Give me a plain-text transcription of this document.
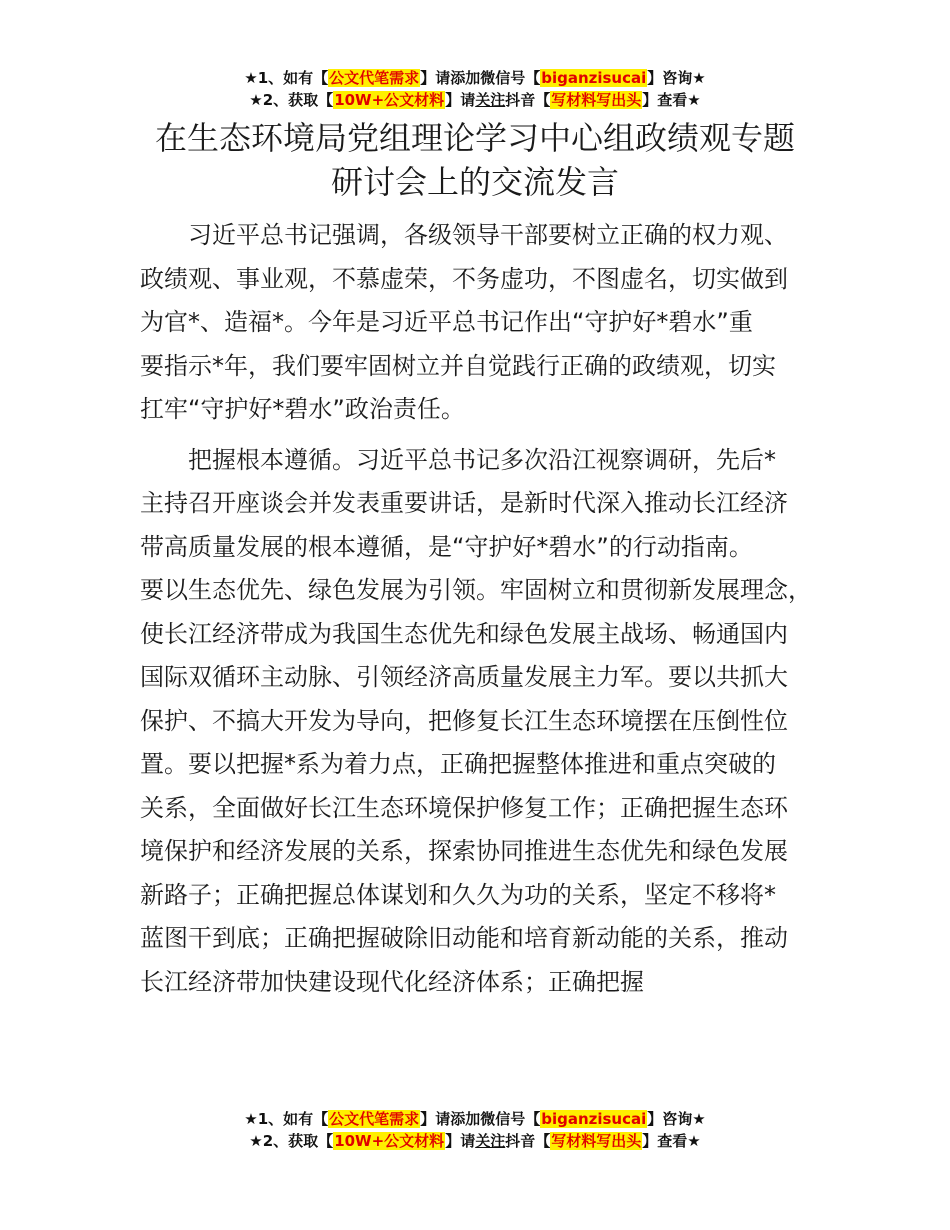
★1、如有【公文代笔需求】请添加微信号【biganzisucai】咨询★
★2、获取【10W+公文材料】请关注抖音【写材料写出头】查看★
在生态环境局党组理论学习中心组政绩观专题
研讨会上的交流发言
习近平总书记强调，各级领导干部要树立正确的权力观、
政绩观、事业观，不慕虚荣，不务虚功，不图虚名，切实做到
为官*、造福*。今年是习近平总书记作出“守护好*碧水”重
要指示*年，我们要牢固树立并自觉践行正确的政绩观，切实
扛牢“守护好*碧水”政治责任。
把握根本遵循。习近平总书记多次沿江视察调研，先后*
主持召开座谈会并发表重要讲话，是新时代深入推动长江经济
带高质量发展的根本遵循，是“守护好*碧水”的行动指南。
要以生态优先、绿色发展为引领。牢固树立和贯彻新发展理念，
使长江经济带成为我国生态优先和绿色发展主战场、畅通国内
国际双循环主动脉、引领经济高质量发展主力军。要以共抓大
保护、不搞大开发为导向，把修复长江生态环境摆在压倒性位
置。要以把握*系为着力点，正确把握整体推进和重点突破的
关系，全面做好长江生态环境保护修复工作；正确把握生态环
境保护和经济发展的关系，探索协同推进生态优先和绿色发展
新路子；正确把握总体谋划和久久为功的关系，坚定不移将*
蓝图干到底；正确把握破除旧动能和培育新动能的关系，推动
长江经济带加快建设现代化经济体系；正确把握
★1、如有【公文代笔需求】请添加微信号【biganzisucai】咨询★
★2、获取【10W+公文材料】请关注抖音【写材料写出头】查看★
